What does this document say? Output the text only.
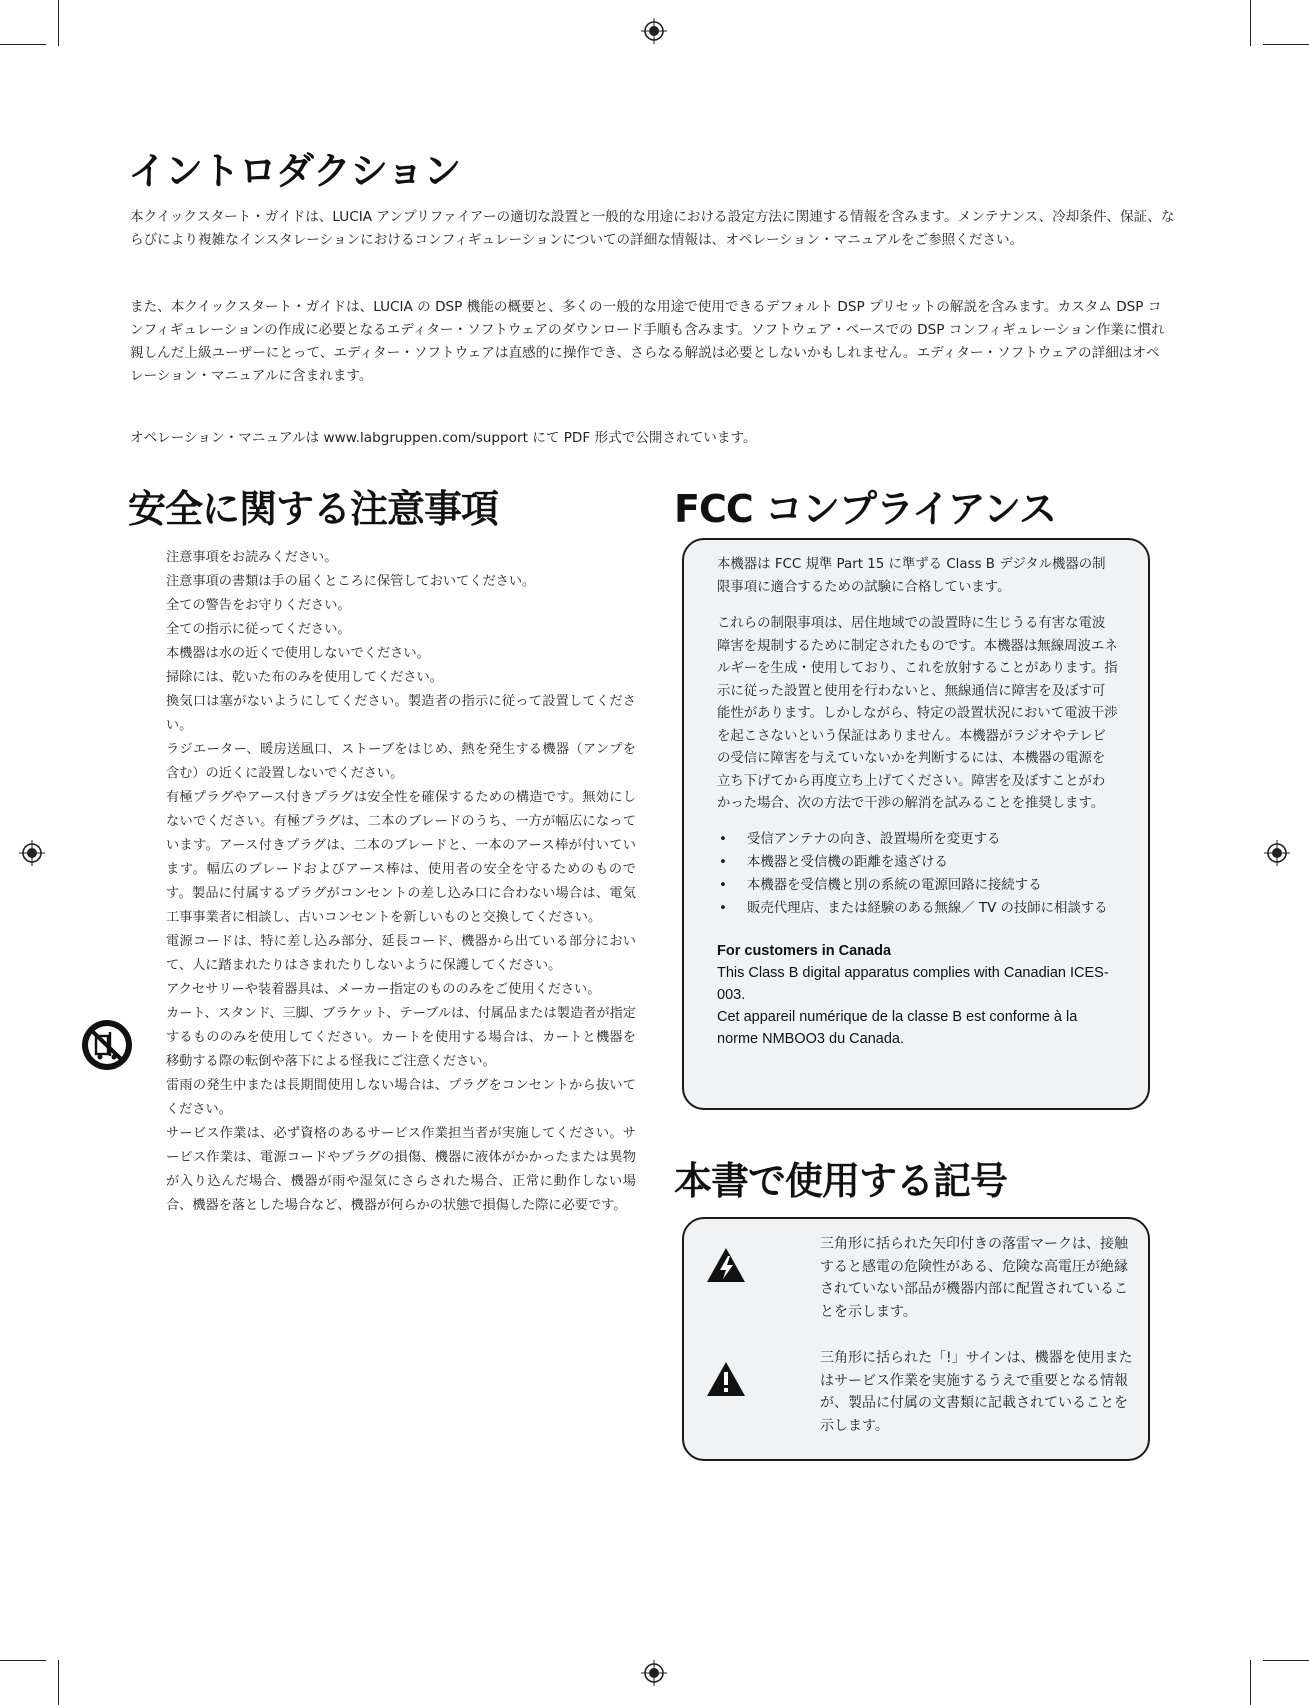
イントロダクション

本クイックスタート・ガイドは、LUCIA アンプリファイアーの適切な設置と一般的な用途における設定方法に関連する情報を含みます。メンテナンス、冷却条件、保証、ならびにより複雑なインスタレーションにおけるコンフィギュレーションについての詳細な情報は、オペレーション・マニュアルをご参照ください。

また、本クイックスタート・ガイドは、LUCIA の DSP 機能の概要と、多くの一般的な用途で使用できるデフォルト DSP プリセットの解説を含みます。カスタム DSP コンフィギュレーションの作成に必要となるエディター・ソフトウェアのダウンロード手順も含みます。ソフトウェア・ベースでの DSP コンフィギュレーション作業に慣れ親しんだ上級ユーザーにとって、エディター・ソフトウェアは直感的に操作でき、さらなる解説は必要としないかもしれません。エディター・ソフトウェアの詳細はオペレーション・マニュアルに含まれます。

オペレーション・マニュアルは www.labgruppen.com/support にて PDF 形式で公開されています。

安全に関する注意事項
注意事項をお読みください。
注意事項の書類は手の届くところに保管しておいてください。
全ての警告をお守りください。
全ての指示に従ってください。
本機器は水の近くで使用しないでください。
掃除には、乾いた布のみを使用してください。
換気口は塞がないようにしてください。製造者の指示に従って設置してください。
ラジエーター、暖房送風口、ストーブをはじめ、熱を発生する機器（アンプを含む）の近くに設置しないでください。
有極プラグやアース付きプラグは安全性を確保するための構造です。無効にしないでください。有極プラグは、二本のブレードのうち、一方が幅広になっています。アース付きプラグは、二本のブレードと、一本のアース棒が付いています。幅広のブレードおよびアース棒は、使用者の安全を守るためのものです。製品に付属するプラグがコンセントの差し込み口に合わない場合は、電気工事事業者に相談し、古いコンセントを新しいものと交換してください。
電源コードは、特に差し込み部分、延長コード、機器から出ている部分において、人に踏まれたりはさまれたりしないように保護してください。
アクセサリーや装着器具は、メーカー指定のもののみをご使用ください。
カート、スタンド、三脚、ブラケット、テーブルは、付属品または製造者が指定するもののみを使用してください。カートを使用する場合は、カートと機器を移動する際の転倒や落下による怪我にご注意ください。
雷雨の発生中または長期間使用しない場合は、プラグをコンセントから抜いてください。
サービス作業は、必ず資格のあるサービス作業担当者が実施してください。サービス作業は、電源コードやプラグの損傷、機器に液体がかかったまたは異物が入り込んだ場合、機器が雨や湿気にさらされた場合、正常に動作しない場合、機器を落とした場合など、機器が何らかの状態で損傷した際に必要です。
FCC コンプライアンス

本機器は FCC 規準 Part 15 に準ずる Class B デジタル機器の制限事項に適合するための試験に合格しています。

これらの制限事項は、居住地域での設置時に生じうる有害な電波障害を規制するために制定されたものです。本機器は無線周波エネルギーを生成・使用しており、これを放射することがあります。指示に従った設置と使用を行わないと、無線通信に障害を及ぼす可能性があります。しかしながら、特定の設置状況において電波干渉を起こさないという保証はありません。本機器がラジオやテレビの受信に障害を与えていないかを判断するには、本機器の電源を立ち下げてから再度立ち上げてください。障害を及ぼすことがわかった場合、次の方法で干渉の解消を試みることを推奨します。

• 受信アンテナの向き、設置場所を変更する
• 本機器と受信機の距離を遠ざける
• 本機器を受信機と別の系統の電源回路に接続する
• 販売代理店、または経験のある無線／ TV の技師に相談する

For customers in Canada

This Class B digital apparatus complies with Canadian ICES-003.

Cet appareil numérique de la classe B est conforme à la norme NMBOO3 du Canada.

本書で使用する記号

三角形に括られた矢印付きの落雷マークは、接触すると感電の危険性がある、危険な高電圧が絶縁されていない部品が機器内部に配置されていることを示します。

三角形に括られた「!」サインは、機器を使用またはサービス作業を実施するうえで重要となる情報が、製品に付属の文書類に記載されていることを示します。
